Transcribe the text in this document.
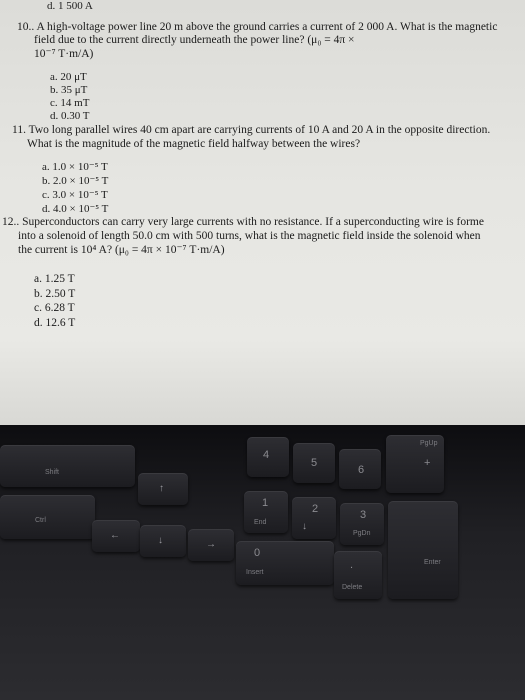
d. 1 500 A
10.. A high-voltage power line 20 m above the ground carries a current of 2 000 A. What is the magnetic
field due to the current directly underneath the power line? (μ₀ = 4π ×
10⁻⁷ T·m/A)
a. 20 μT
b. 35 μT
c. 14 mT
d. 0.30 T
11. Two long parallel wires 40 cm apart are carrying currents of 10 A and 20 A in the opposite direction.
What is the magnitude of the magnetic field halfway between the wires?
a. 1.0 × 10⁻⁵ T
b. 2.0 × 10⁻⁵ T
c. 3.0 × 10⁻⁵ T
d. 4.0 × 10⁻⁵ T
12.. Superconductors can carry very large currents with no resistance. If a superconducting wire is forme
into a solenoid of length 50.0 cm with 500 turns, what is the magnetic field inside the solenoid when
the current is 10⁴ A? (μ₀ = 4π × 10⁻⁷ T·m/A)
a. 1.25 T
b. 2.50 T
c. 6.28 T
d. 12.6 T
Shift
Ctrl
↑
←	↓	→
4
5
6
PgUp
+
1
End
2
↓
3
PgDn
Enter
0
Insert
.
Delete
